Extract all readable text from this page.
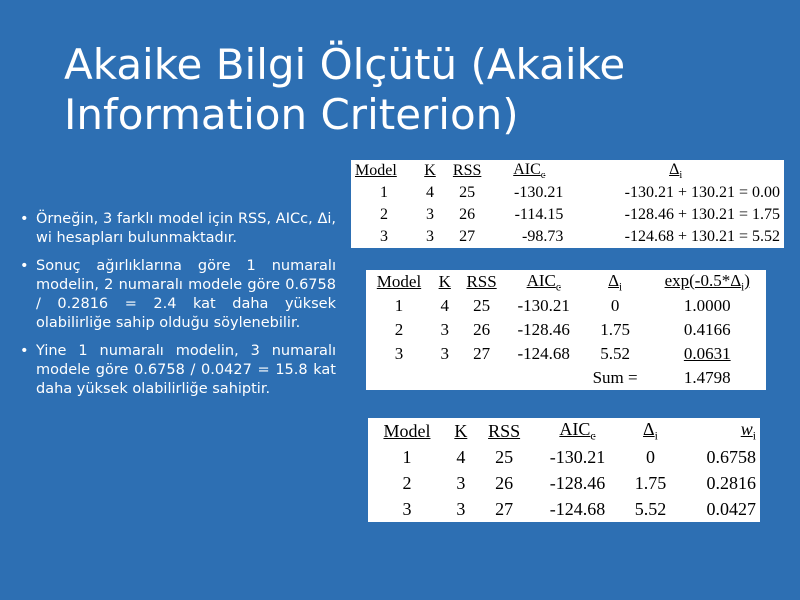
Akaike Bilgi Ölçütü (Akaike
Information Criterion)
• Örneğin, 3 farklı model için RSS, AICc, Δi, wi hesapları bulunmaktadır.
• Sonuç ağırlıklarına göre 1 numaralı modelin, 2 numaralı modele göre 0.6758 / 0.2816 = 2.4 kat daha yüksek olabilirliğe sahip olduğu söylenebilir.
• Yine 1 numaralı modelin, 3 numaralı modele göre 0.6758 / 0.0427 = 15.8 kat daha yüksek olabilirliğe sahiptir.
Model	K	RSS	$AIC_c$	$\Delta_i$
1	4	25	-130.21	-130.21 + 130.21 = 0.00
2	3	26	-114.15	-128.46 + 130.21 = 1.75
3	3	27	-98.73	-124.68 + 130.21 = 5.52
Model	K	RSS	$AIC_c$	$\Delta_i$	$\exp(-0.5*\Delta_i)$
1	4	25	-130.21	0	1.0000
2	3	26	-128.46	1.75	0.4166
3	3	27	-124.68	5.52	0.0631
				Sum =	1.4798
Model	K	RSS	$AIC_c$	$\Delta_i$	$w_i$
1	4	25	-130.21	0	0.6758
2	3	26	-128.46	1.75	0.2816
3	3	27	-124.68	5.52	0.0427
